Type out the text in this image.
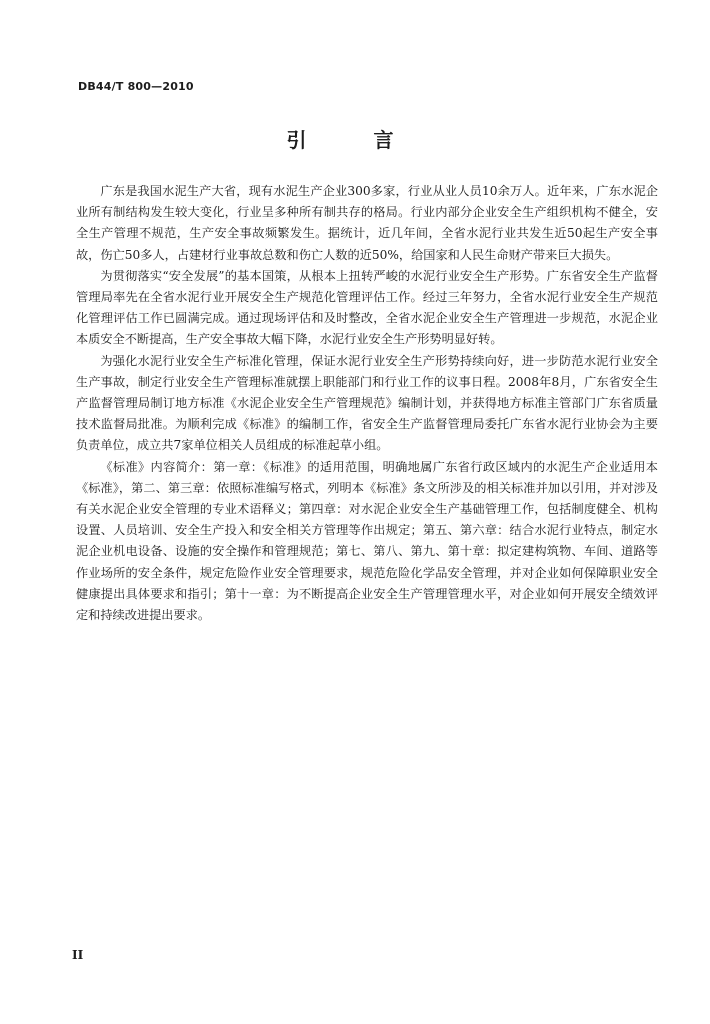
DB44/T 800—2010
引 言

广东是我国水泥生产大省，现有水泥生产企业300多家，行业从业人员10余万人。近年来，广东水泥企业所有制结构发生较大变化，行业呈多种所有制共存的格局。行业内部分企业安全生产组织机构不健全，安全生产管理不规范，生产安全事故频繁发生。据统计，近几年间，全省水泥行业共发生近50起生产安全事故，伤亡50多人，占建材行业事故总数和伤亡人数的近50%，给国家和人民生命财产带来巨大损失。

为贯彻落实“安全发展”的基本国策，从根本上扭转严峻的水泥行业安全生产形势。广东省安全生产监督管理局率先在全省水泥行业开展安全生产规范化管理评估工作。经过三年努力，全省水泥行业安全生产规范化管理评估工作已圆满完成。通过现场评估和及时整改，全省水泥企业安全生产管理进一步规范，水泥企业本质安全不断提高，生产安全事故大幅下降，水泥行业安全生产形势明显好转。

为强化水泥行业安全生产标准化管理，保证水泥行业安全生产形势持续向好，进一步防范水泥行业安全生产事故，制定行业安全生产管理标准就摆上职能部门和行业工作的议事日程。2008年8月，广东省安全生产监督管理局制订地方标准《水泥企业安全生产管理规范》编制计划，并获得地方标准主管部门广东省质量技术监督局批准。为顺利完成《标准》的编制工作，省安全生产监督管理局委托广东省水泥行业协会为主要负责单位，成立共7家单位相关人员组成的标准起草小组。

《标准》内容简介：第一章：《标准》的适用范围，明确地属广东省行政区域内的水泥生产企业适用本《标准》，第二、第三章：依照标准编写格式，列明本《标准》条文所涉及的相关标准并加以引用，并对涉及有关水泥企业安全管理的专业术语释义；第四章：对水泥企业安全生产基础管理工作，包括制度健全、机构设置、人员培训、安全生产投入和安全相关方管理等作出规定；第五、第六章：结合水泥行业特点，制定水泥企业机电设备、设施的安全操作和管理规范；第七、第八、第九、第十章：拟定建构筑物、车间、道路等作业场所的安全条件，规定危险作业安全管理要求，规范危险化学品安全管理，并对企业如何保障职业安全健康提出具体要求和指引；第十一章：为不断提高企业安全生产管理管理水平，对企业如何开展安全绩效评定和持续改进提出要求。

II
